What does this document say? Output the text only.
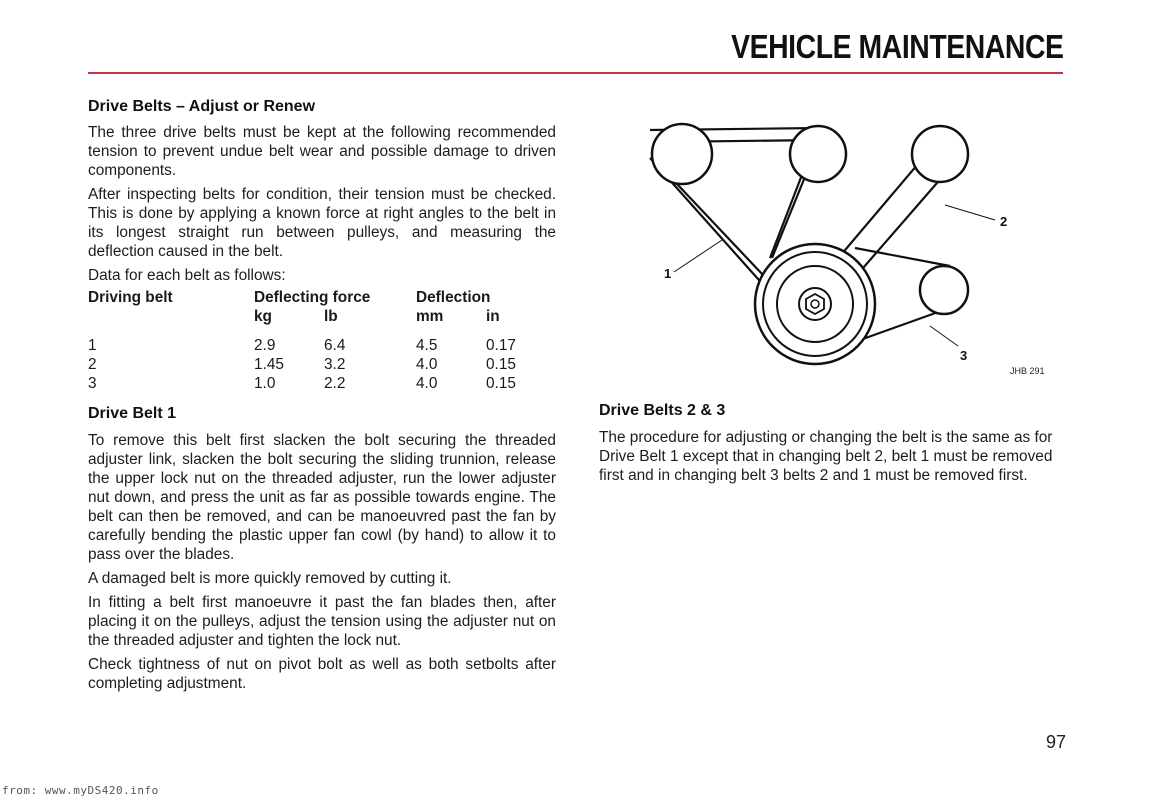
VEHICLE MAINTENANCE
Drive Belts – Adjust or Renew

The three drive belts must be kept at the following recommended tension to prevent undue belt wear and possible damage to driven components.

After inspecting belts for condition, their tension must be checked. This is done by applying a known force at right angles to the belt in its longest straight run between pulleys, and measuring the deflection caused in the belt.

Data for each belt as follows:

Driving belt	Deflecting force		Deflection	
	kg	lb	mm	in

1	2.9	6.4	4.5	0.17
2	1.45	3.2	4.0	0.15
3	1.0	2.2	4.0	0.15
Drive Belt 1

To remove this belt first slacken the bolt securing the threaded adjuster link, slacken the bolt securing the sliding trunnion, release the upper lock nut on the threaded adjuster, run the lower adjuster nut down, and press the unit as far as possible towards engine. The belt can then be removed, and can be manoeuvred past the fan by carefully bending the plastic upper fan cowl (by hand) to allow it to pass over the blades.

A damaged belt is more quickly removed by cutting it.

In fitting a belt first manoeuvre it past the fan blades then, after placing it on the pulleys, adjust the tension using the adjuster nut on the threaded adjuster and tighten the lock nut.

Check tightness of nut on pivot bolt as well as both setbolts after completing adjustment.

1
2
3
JHB 291
Drive Belts 2 & 3

The procedure for adjusting or changing the belt is the same as for Drive Belt 1 except that in changing belt 2, belt 1 must be removed first and in changing belt 3 belts 2 and 1 must be removed first.

97
from: www.myDS420.info
